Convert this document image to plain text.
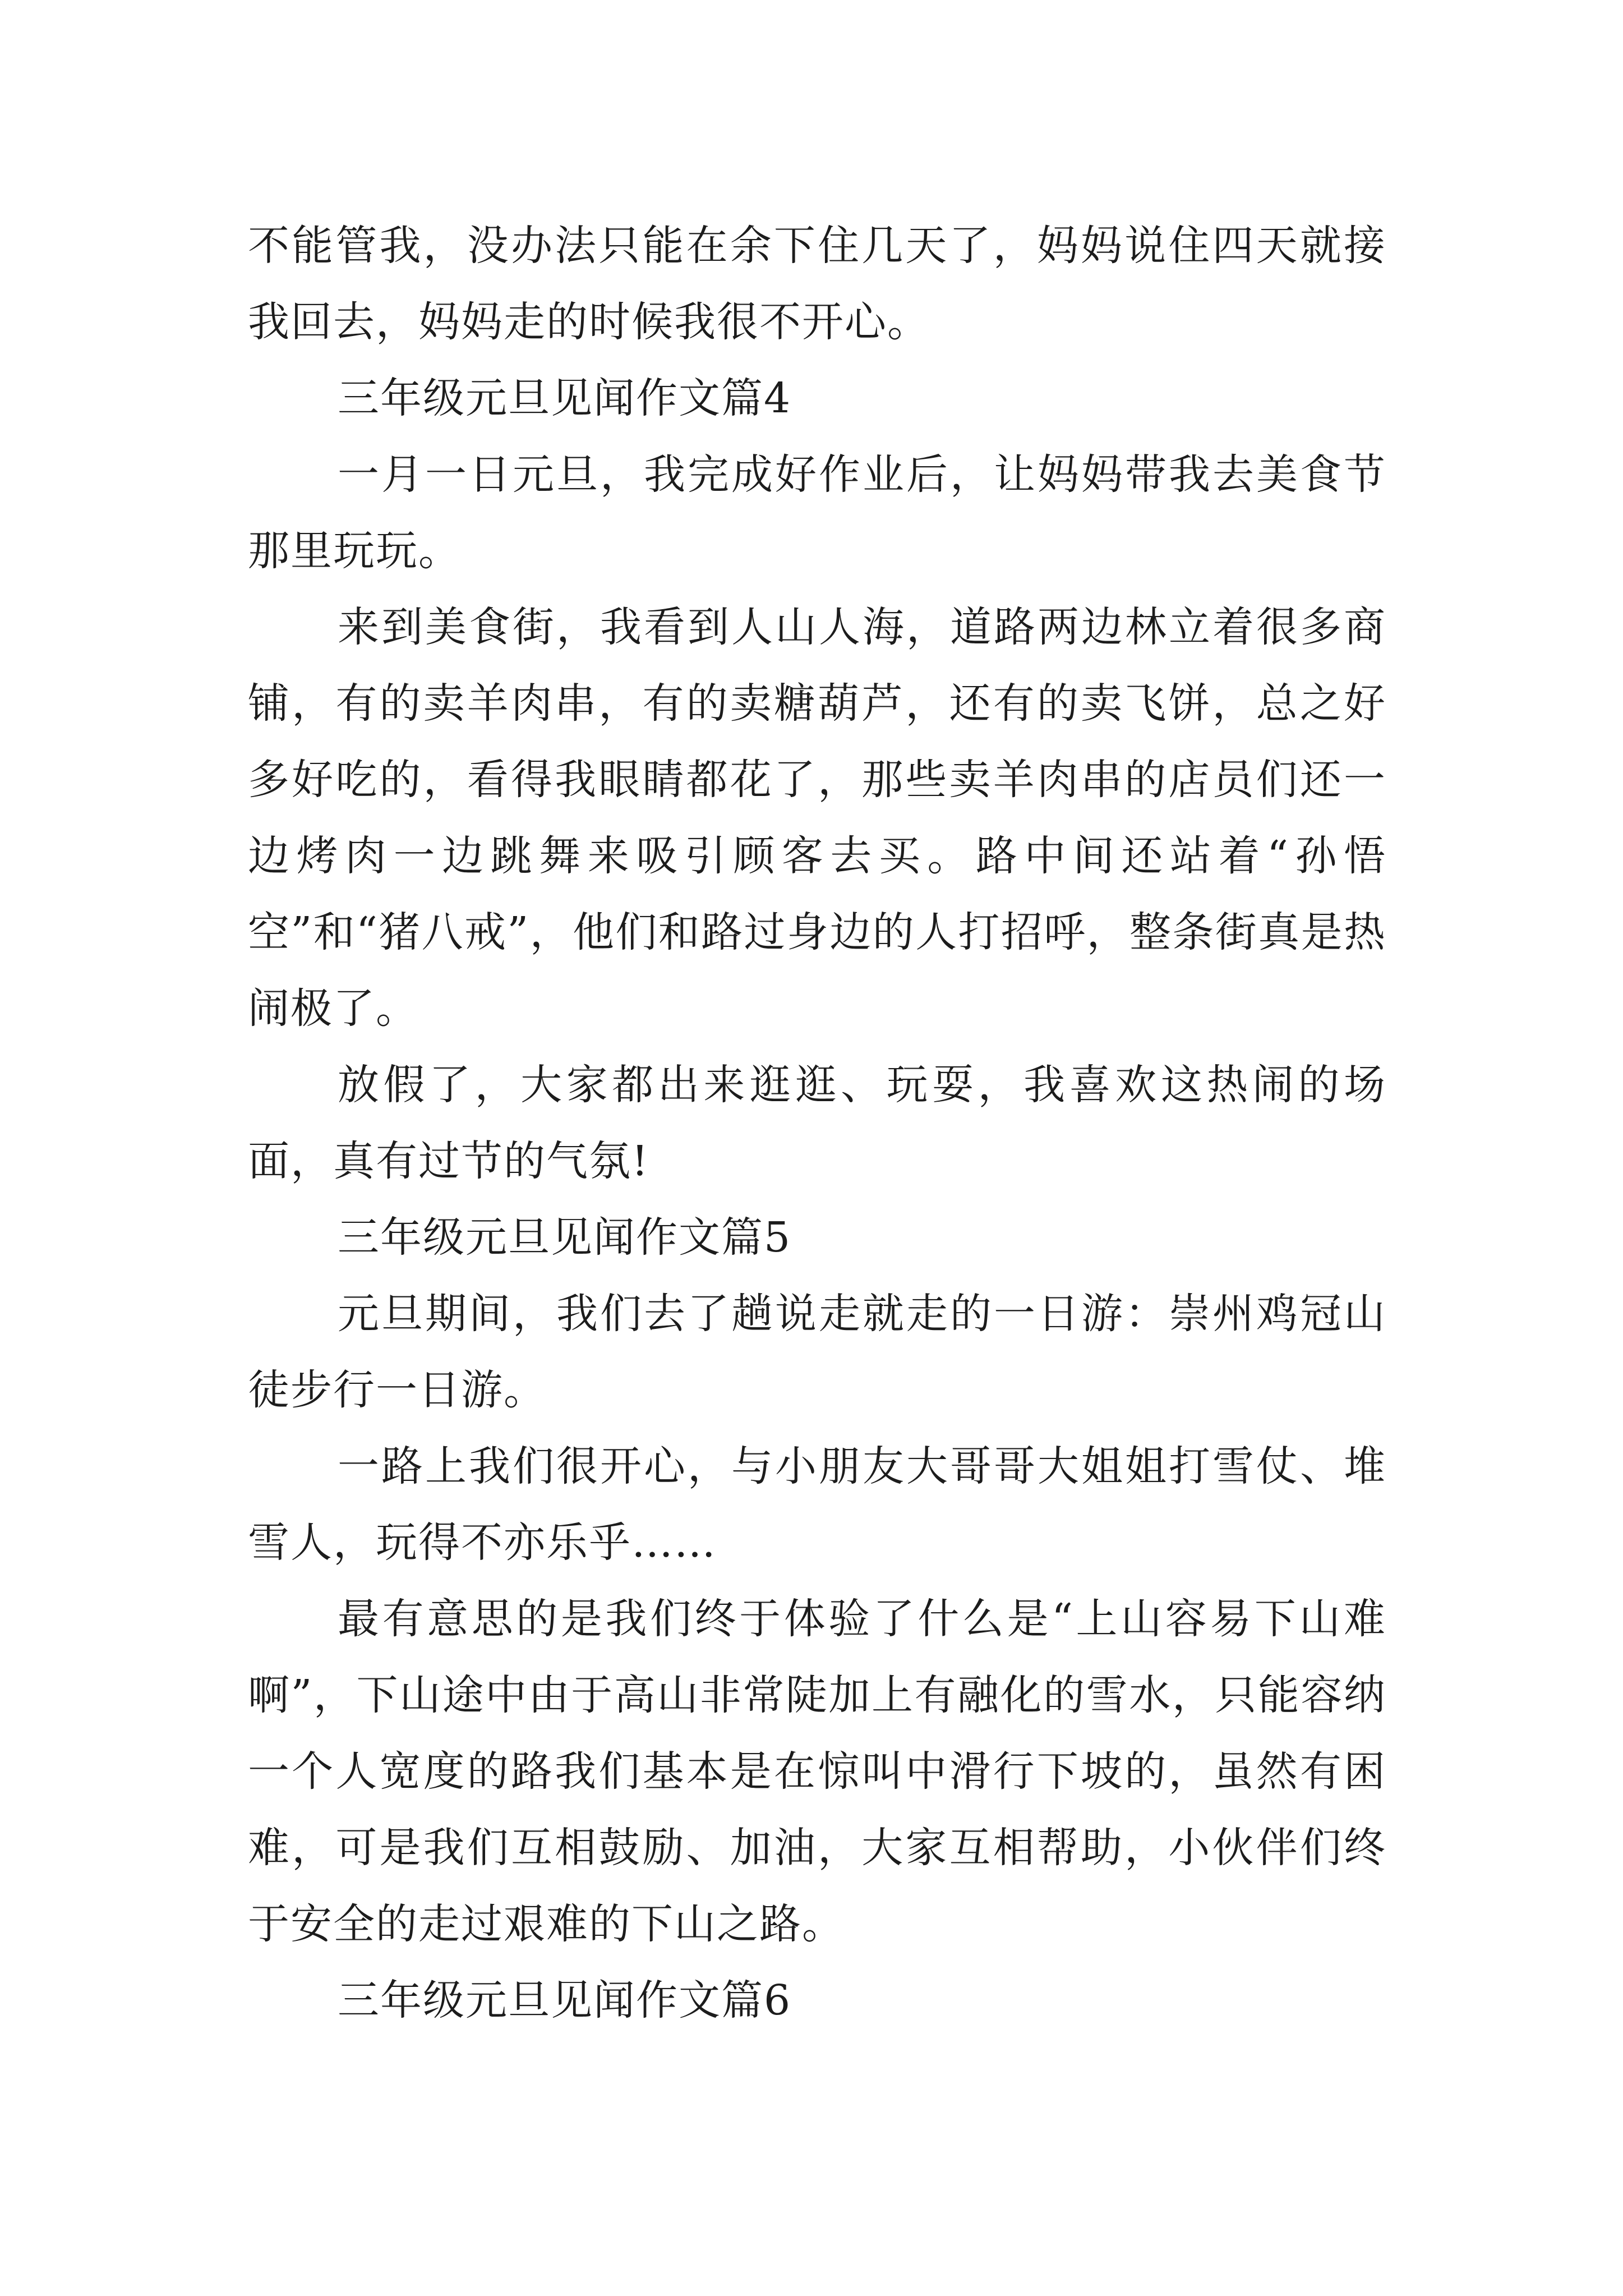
不能管我，没办法只能在余下住几天了，妈妈说住四天就接我回去，妈妈走的时候我很不开心。

三年级元旦见闻作文篇4

一月一日元旦，我完成好作业后，让妈妈带我去美食节那里玩玩。

来到美食街，我看到人山人海，道路两边林立着很多商铺，有的卖羊肉串，有的卖糖葫芦，还有的卖飞饼，总之好多好吃的，看得我眼睛都花了，那些卖羊肉串的店员们还一边烤肉一边跳舞来吸引顾客去买。路中间还站着“孙悟空”和“猪八戒”，他们和路过身边的人打招呼，整条街真是热闹极了。

放假了，大家都出来逛逛、玩耍，我喜欢这热闹的场面，真有过节的气氛!

三年级元旦见闻作文篇5

元旦期间，我们去了趟说走就走的一日游：崇州鸡冠山徒步行一日游。

一路上我们很开心，与小朋友大哥哥大姐姐打雪仗、堆雪人，玩得不亦乐乎……

最有意思的是我们终于体验了什么是“上山容易下山难啊”，下山途中由于高山非常陡加上有融化的雪水，只能容纳一个人宽度的路我们基本是在惊叫中滑行下坡的，虽然有困难，可是我们互相鼓励、加油，大家互相帮助，小伙伴们终于安全的走过艰难的下山之路。

三年级元旦见闻作文篇6
